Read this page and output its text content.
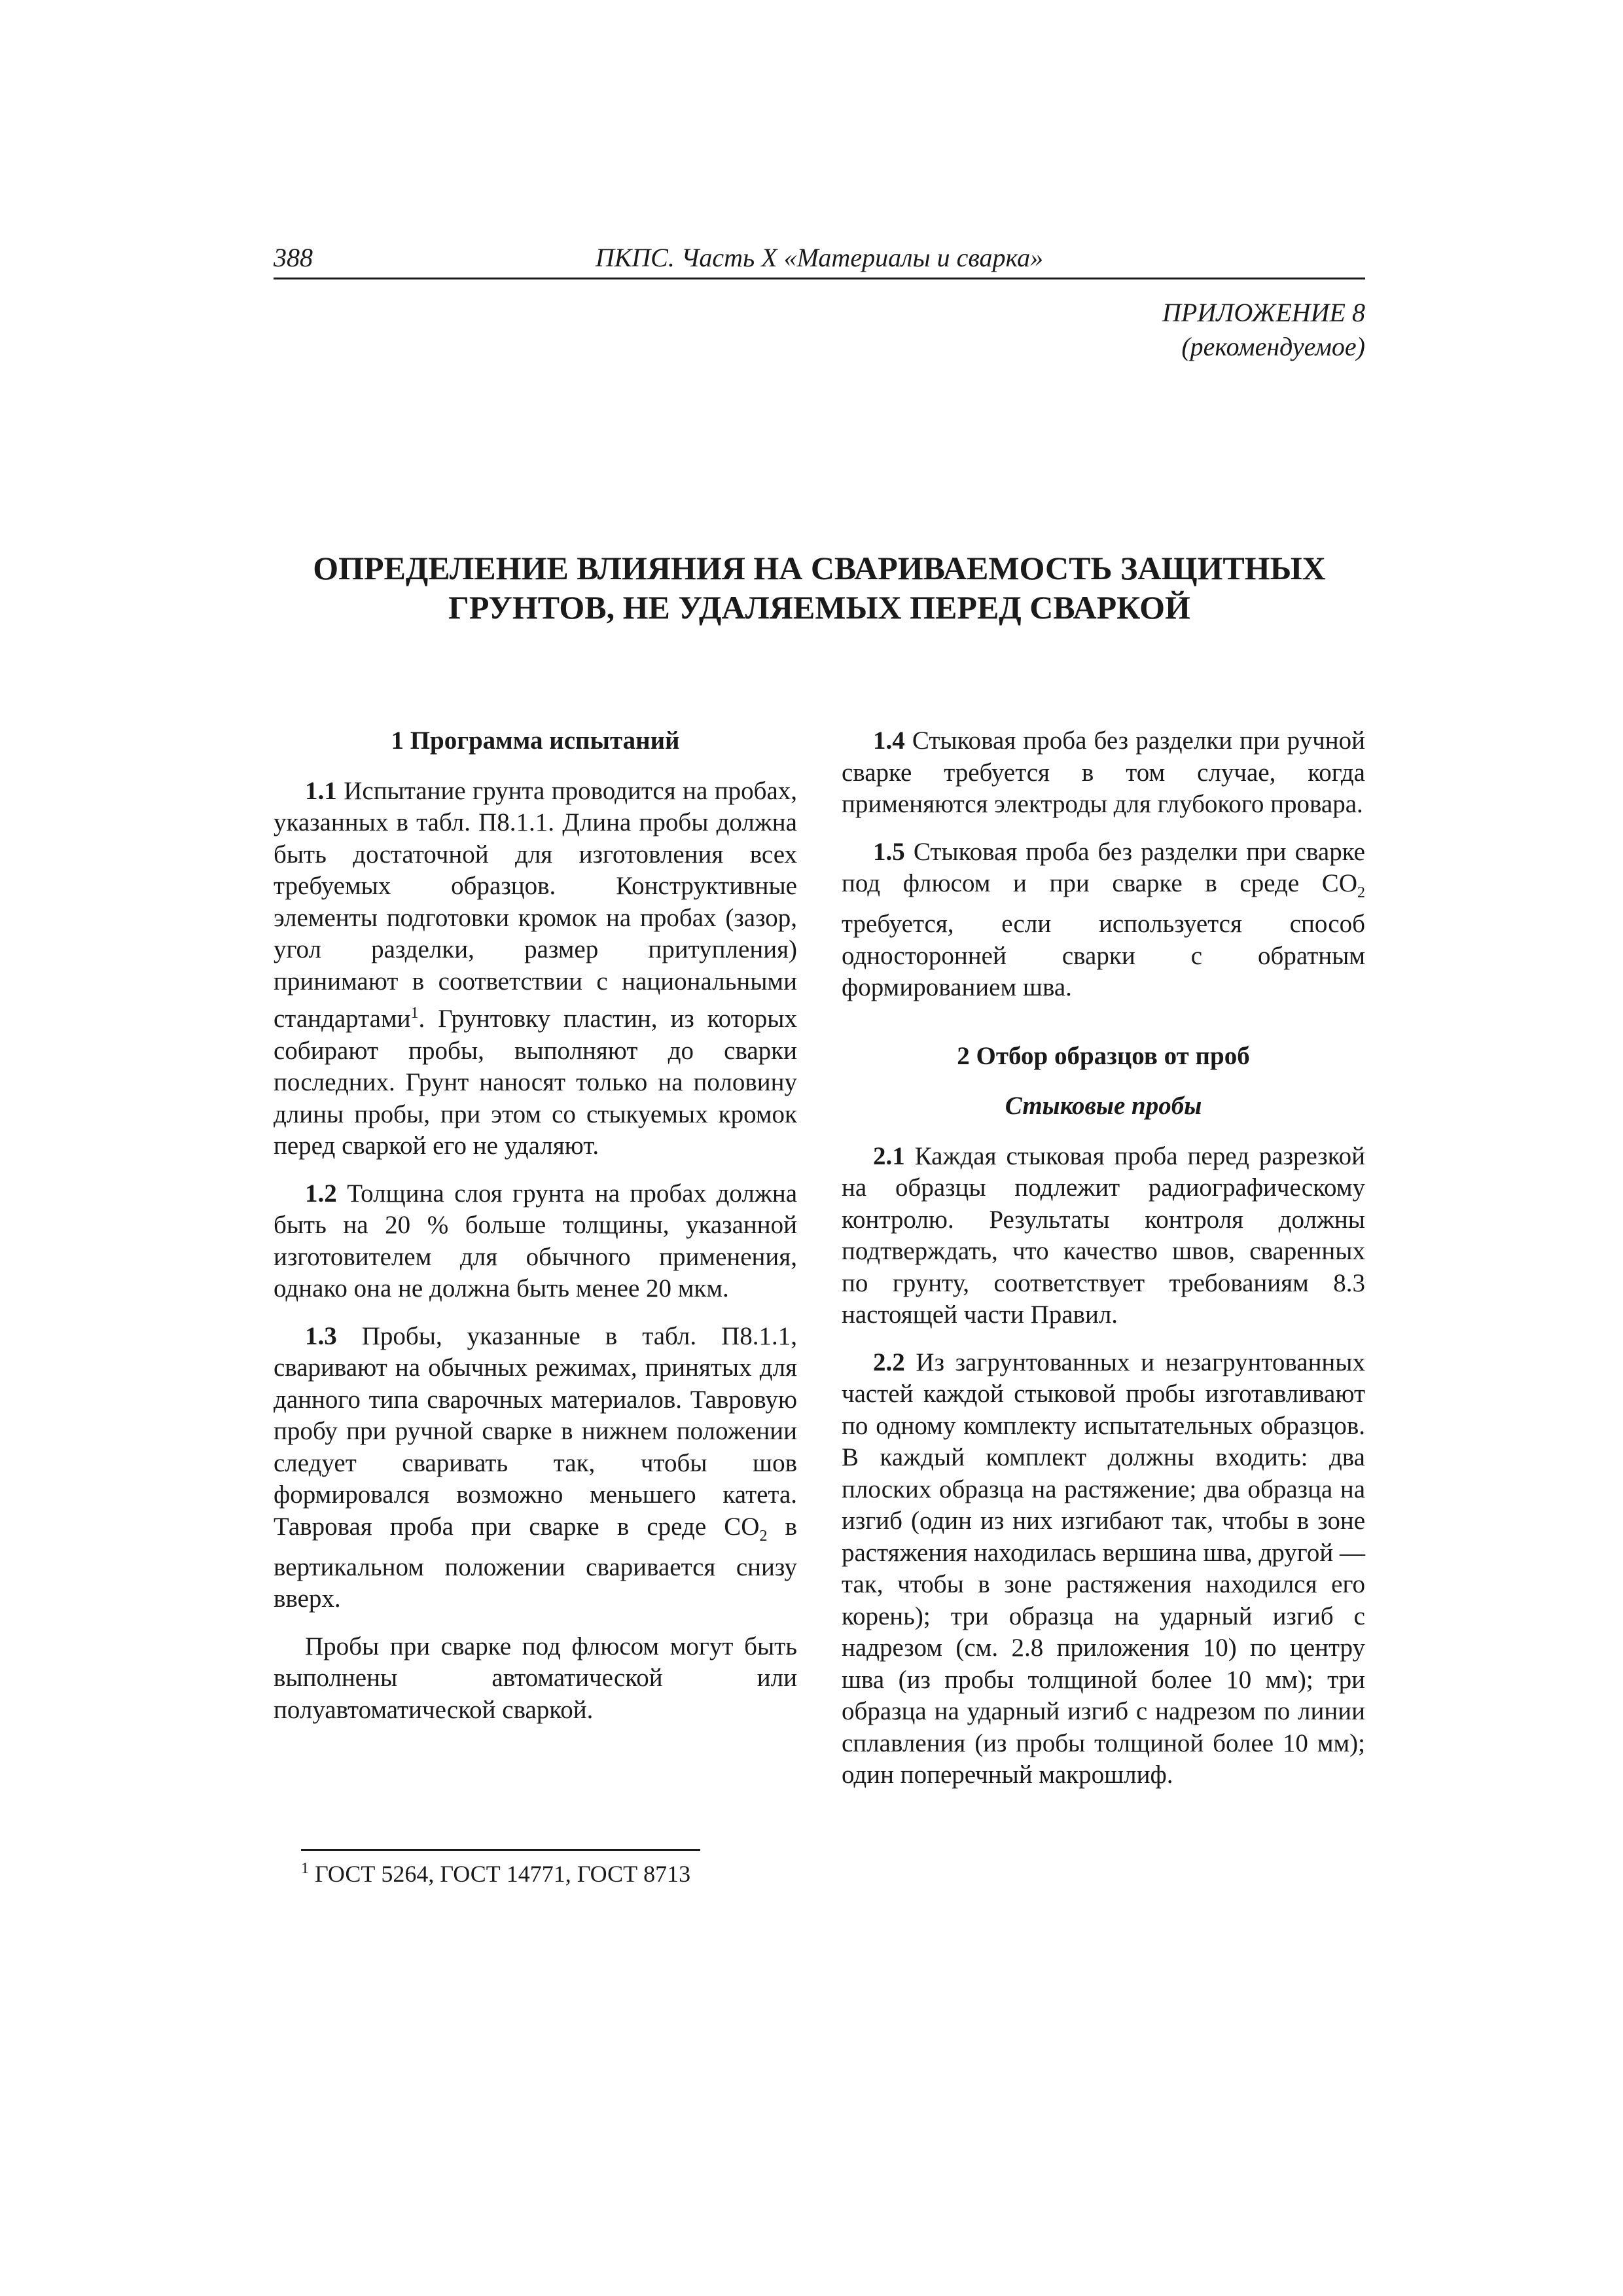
388	ПКПС. Часть X «Материалы и сварка»
ПРИЛОЖЕНИЕ 8
(рекомендуемое)
ОПРЕДЕЛЕНИЕ ВЛИЯНИЯ НА СВАРИВАЕМОСТЬ ЗАЩИТНЫХ
ГРУНТОВ, НЕ УДАЛЯЕМЫХ ПЕРЕД СВАРКОЙ
1 Программа испытаний

1.1 Испытание грунта проводится на пробах, указанных в табл. П8.1.1. Длина пробы должна быть достаточной для изготовления всех требуемых образцов. Конструктивные элементы подготовки кромок на пробах (зазор, угол разделки, размер притупления) принимают в соответствии с национальными стандартами$^1$. Грунтовку пластин, из которых собирают пробы, выполняют до сварки последних. Грунт наносят только на половину длины пробы, при этом со стыкуемых кромок перед сваркой его не удаляют.

1.2 Толщина слоя грунта на пробах должна быть на 20 % больше толщины, указанной изготовителем для обычного применения, однако она не должна быть менее 20 мкм.

1.3 Пробы, указанные в табл. П8.1.1, сваривают на обычных режимах, принятых для данного типа сварочных материалов. Тавровую пробу при ручной сварке в нижнем положении следует сваривать так, чтобы шов формировался возможно меньшего катета. Тавровая проба при сварке в среде $CO_2$ в вертикальном положении сваривается снизу вверх.

Пробы при сварке под флюсом могут быть выполнены автоматической или полуавтоматической сваркой.

1.4 Стыковая проба без разделки при ручной сварке требуется в том случае, когда применяются электроды для глубокого провара.

1.5 Стыковая проба без разделки при сварке под флюсом и при сварке в среде $CO_2$ требуется, если используется способ односторонней сварки с обратным формированием шва.

2 Отбор образцов от проб
Стыковые пробы

2.1 Каждая стыковая проба перед разрезкой на образцы подлежит радиографическому контролю. Результаты контроля должны подтверждать, что качество швов, сваренных по грунту, соответствует требованиям 8.3 настоящей части Правил.

2.2 Из загрунтованных и незагрунтованных частей каждой стыковой пробы изготавливают по одному комплекту испытательных образцов. В каждый комплект должны входить: два плоских образца на растяжение; два образца на изгиб (один из них изгибают так, чтобы в зоне растяжения находилась вершина шва, другой — так, чтобы в зоне растяжения находился его корень); три образца на ударный изгиб с надрезом (см. 2.8 приложения 10) по центру шва (из пробы толщиной более 10 мм); три образца на ударный изгиб с надрезом по линии сплавления (из пробы толщиной более 10 мм); один поперечный макрошлиф.

$^1$ ГОСТ 5264, ГОСТ 14771, ГОСТ 8713
